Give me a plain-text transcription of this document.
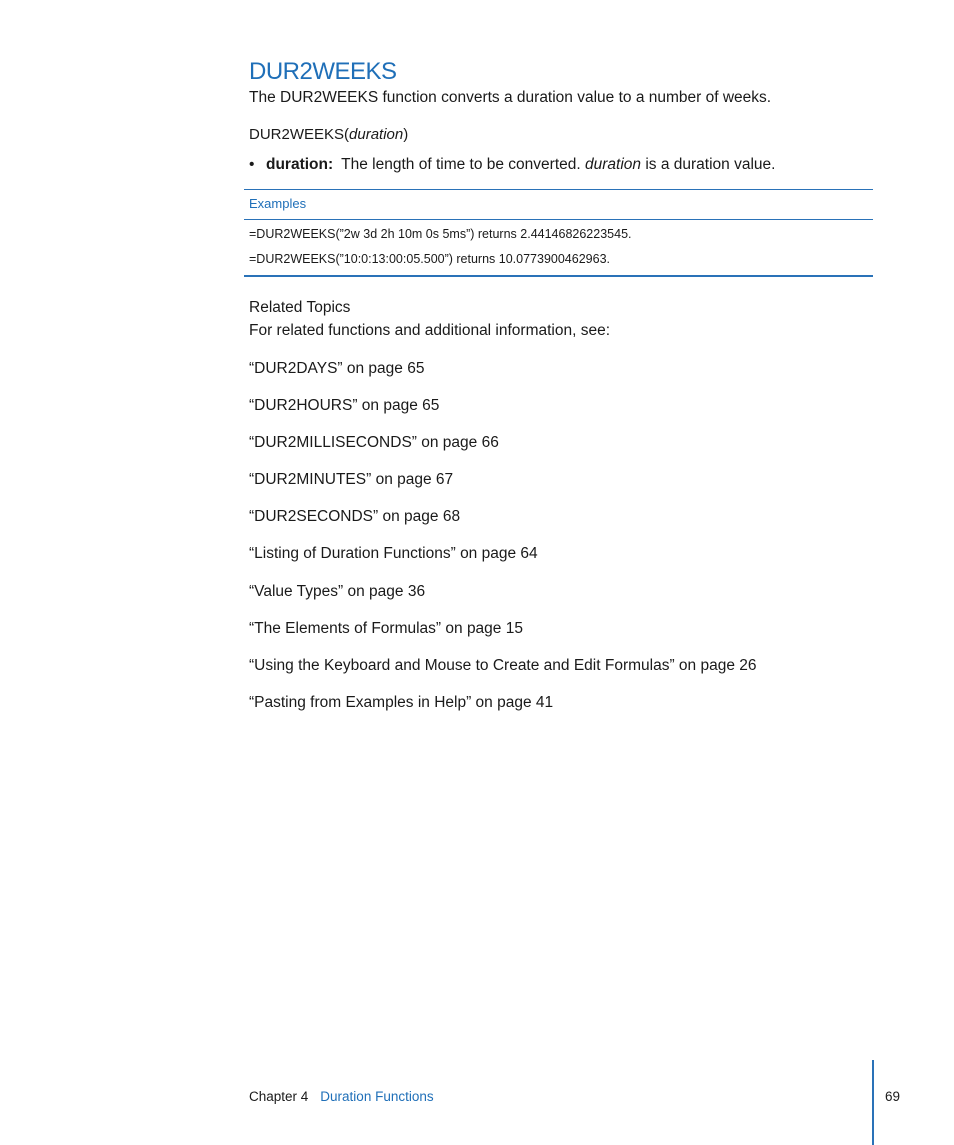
DUR2WEEKS
The DUR2WEEKS function converts a duration value to a number of weeks.
DUR2WEEKS(duration)
• duration: The length of time to be converted. duration is a duration value.
Examples
=DUR2WEEKS(”2w 3d 2h 10m 0s 5ms”) returns 2.44146826223545.
=DUR2WEEKS(”10:0:13:00:05.500”) returns 10.0773900462963.
Related Topics
For related functions and additional information, see:
“DUR2DAYS” on page 65
“DUR2HOURS” on page 65
“DUR2MILLISECONDS” on page 66
“DUR2MINUTES” on page 67
“DUR2SECONDS” on page 68
“Listing of Duration Functions” on page 64
“Value Types” on page 36
“The Elements of Formulas” on page 15
“Using the Keyboard and Mouse to Create and Edit Formulas” on page 26
“Pasting from Examples in Help” on page 41
Chapter 4 Duration Functions	69
